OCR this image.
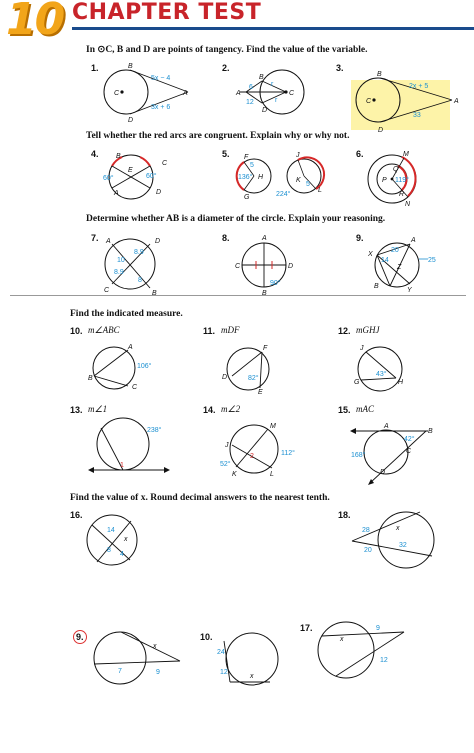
10 CHAPTER TEST
In ⊙C, B and D are points of tangency. Find the value of the variable.
Tell whether the red arcs are congruent. Explain why or why not.
Determine whether AB is a diameter of the circle. Explain your reasoning.
Find the indicated measure.
Find the value of x. Round decimal answers to the nearest tenth.
1.	2.	3.
4.	5.	6.
7.	8.	9.
10. m∠ABC	11. mDF	12. mGHJ
13. m∠1	14. m∠2	15. mAC
16.	18.
9.	10.
17.
B
D
C	A
5x − 4
3x + 6
A
B
D
C
6	r
12	r
B
D
C	A
2x + 5
33
B
C
E
A	D
60°	60°
F
H
G
J
K
L
5
136°
5
224°
M
Q
P
R
N
119°
A	D
C	B
8.9
10
8.9
8
A
C	D
B
90°
X
A
B
Y
Z
20
14	25
A
B
C
106°
F
D
E
82°
J
G	H
43°
238°
1
M
J
K	L
2	112°
52°
A
B
C
D
42°
168°
14
8
4
x
28
32
20
x
x
7	9
24
12
x
9
x
12
